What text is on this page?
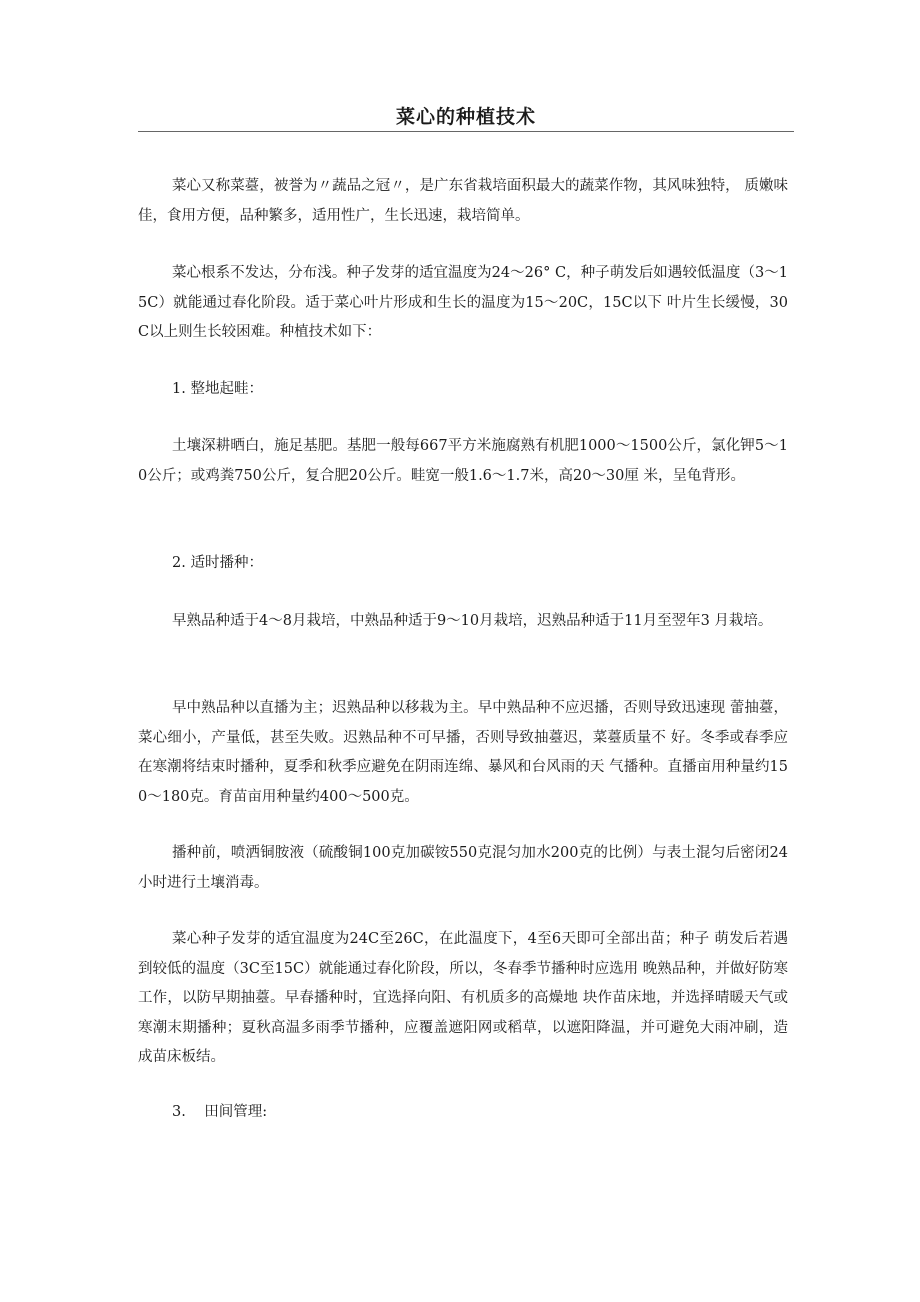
菜心的种植技术

菜心又称菜薹，被誉为〃蔬品之冠〃，是广东省栽培面积最大的蔬菜作物，其风味独特， 质嫩味佳，食用方便，品种繁多，适用性广，生长迅速，栽培简单。

菜心根系不发达，分布浅。种子发芽的适宜温度为24〜26° C，种子萌发后如遇较低温度（3〜15C）就能通过春化阶段。适于菜心叶片形成和生长的温度为15〜20C，15C以下 叶片生长缓慢，30C以上则生长较困难。种植技术如下：

1. 整地起畦：

土壤深耕晒白，施足基肥。基肥一般每667平方米施腐熟有机肥1000〜1500公斤，氯化钾5〜10公斤；或鸡粪750公斤，复合肥20公斤。畦宽一般1.6〜1.7米，高20〜30厘 米，呈龟背形。

2. 适时播种：

早熟品种适于4〜8月栽培，中熟品种适于9〜10月栽培，迟熟品种适于11月至翌年3 月栽培。

早中熟品种以直播为主；迟熟品种以移栽为主。早中熟品种不应迟播，否则导致迅速现 蕾抽薹，菜心细小，产量低，甚至失败。迟熟品种不可早播，否则导致抽薹迟，菜薹质量不 好。冬季或春季应在寒潮将结束时播种，夏季和秋季应避免在阴雨连绵、暴风和台风雨的天 气播种。直播亩用种量约150〜180克。育苗亩用种量约400〜500克。

播种前，喷洒铜胺液（硫酸铜100克加碳铵550克混匀加水200克的比例）与表土混匀后密闭24小时进行土壤消毒。

菜心种子发芽的适宜温度为24C至26C，在此温度下，4至6天即可全部出苗；种子 萌发后若遇到较低的温度（3C至15C）就能通过春化阶段，所以，冬春季节播种时应选用 晚熟品种，并做好防寒工作，以防早期抽薹。早春播种时，宜选择向阳、有机质多的高燥地 块作苗床地，并选择晴暖天气或寒潮末期播种；夏秋高温多雨季节播种，应覆盖遮阳网或稻草，以遮阳降温，并可避免大雨冲刷，造成苗床板结。

3.    田间管理:
